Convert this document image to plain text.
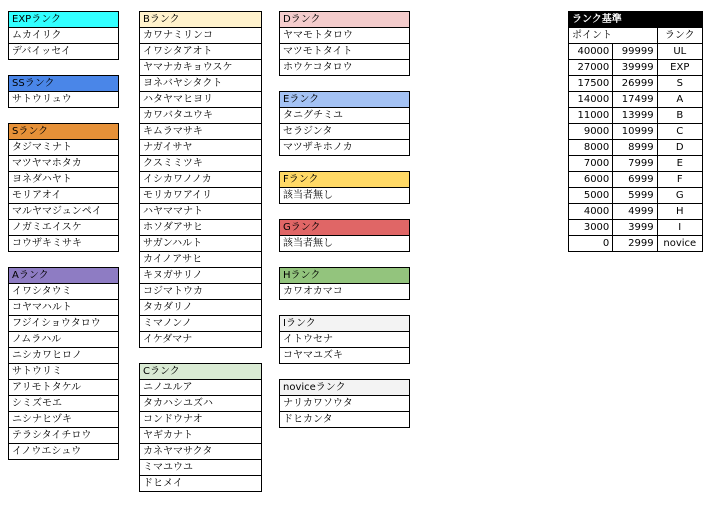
EXPランク
ムカイリク
デバイッセイ
SSランク
サトウリュウ
Sランク
タジマミナト
マツヤマホタカ
ヨネダハヤト
モリアオイ
マルヤマジュンペイ
ノガミエイスケ
コウザキミサキ
Aランク
イワシタウミ
コヤマハルト
フジイショウタロウ
ノムラハル
ニシカワヒロノ
サトウリミ
アリモトタケル
シミズモエ
ニシナヒヅキ
テラシタイチロウ
イノウエシュウ
Bランク
カワナミリンコ
イワシタアオト
ヤマナカキョウスケ
ヨネバヤシタクト
ハタヤマヒヨリ
カワバタユウキ
キムラマサキ
ナガイサヤ
クスミミツキ
イシカワノノカ
モリカワアイリ
ハヤママナト
ホソダアサヒ
サガンハルト
カイノアサヒ
キヌガサリノ
コジマトウカ
タカダリノ
ミマノンノ
イケダマナ
Cランク
ニノユルア
タカハシユズハ
コンドウナオ
ヤギカナト
カネヤマサクタ
ミマユウユ
ドヒメイ
Dランク
ヤマモトタロウ
マツモトタイト
ホウケコタロウ
Eランク
タニグチミユ
セラジンタ
マツザキホノカ
Fランク
該当者無し
Gランク
該当者無し
Hランク
カワオカマコ
Iランク
イトウセナ
コヤマユズキ
noviceランク
ナリカワソウタ
ドヒカンタ
ランク基準		
ポイント		ランク
40000	99999	UL
27000	39999	EXP
17500	26999	S
14000	17499	A
11000	13999	B
9000	10999	C
8000	8999	D
7000	7999	E
6000	6999	F
5000	5999	G
4000	4999	H
3000	3999	I
0	2999	novice
